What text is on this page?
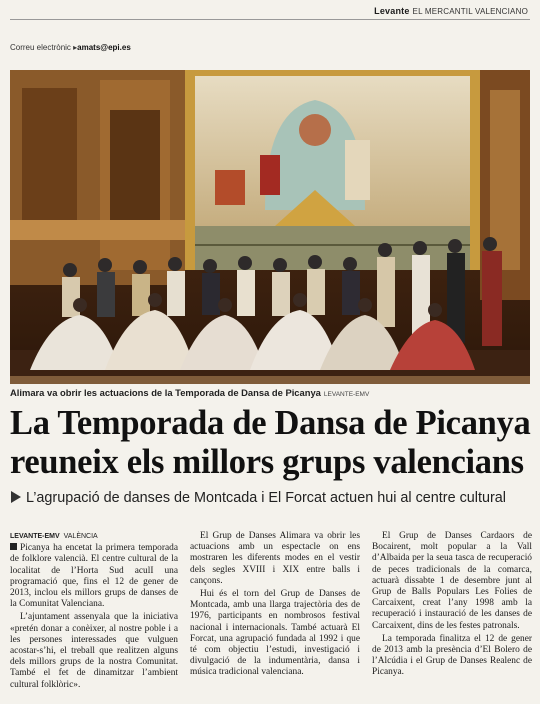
Levante EL MERCANTIL VALENCIANO
Correu electrònic ▸amats@epi.es
Alimara va obrir les actuacions de la Temporada de Dansa de Picanya LEVANTE-EMV
La Temporada de Dansa de Picanya
reuneix els millors grups valencians
L’agrupació de danses de Montcada i El Forcat actuen hui al centre cultural
LEVANTE-EMV VALÈNCIA

Picanya ha encetat la primera temporada de folklore valencià. El centre cultural de la localitat de l’Horta Sud aculI una programació que, fins el 12 de gener de 2013, inclou els millors grups de danses de la Comunitat Valenciana.

L’ajuntament assenyala que la iniciativa «pretén donar a conèixer, al nostre poble i a les persones interessades que vulguen acostar-s’hi, el treball que realitzen alguns dels millors grups de la nostra Comunitat. També el fet de dinamitzar l’ambient cultural folklòric».

El Grup de Danses Alimara va obrir les actuacions amb un espectacle on ens mostraren les diferents modes en el vestir dels segles XVIII i XIX entre balls i cançons.

Hui és el torn del Grup de Danses de Montcada, amb una llarga trajectòria des de 1976, participants en nombrosos festival nacional i internacionals. També actuarà El Forcat, una agrupació fundada al 1992 i que té com objectiu l’estudi, investigació i divulgació de la indumentària, dansa i música tradicional valenciana.

El Grup de Danses Cardaors de Bocairent, molt popular a la Vall d’Albaida per la seua tasca de recuperació de peces tradicionals de la comarca, actuarà dissabte 1 de desembre junt al Grup de Balls Populars Les Folies de Carcaixent, creat l’any 1998 amb la recuperació i instauració de les danses de Carcaixent, dins de les festes patronals.

La temporada finalitza el 12 de gener de 2013 amb la presència d’El Bolero de l’Alcúdia i el Grup de Danses Realenc de Picanya.
